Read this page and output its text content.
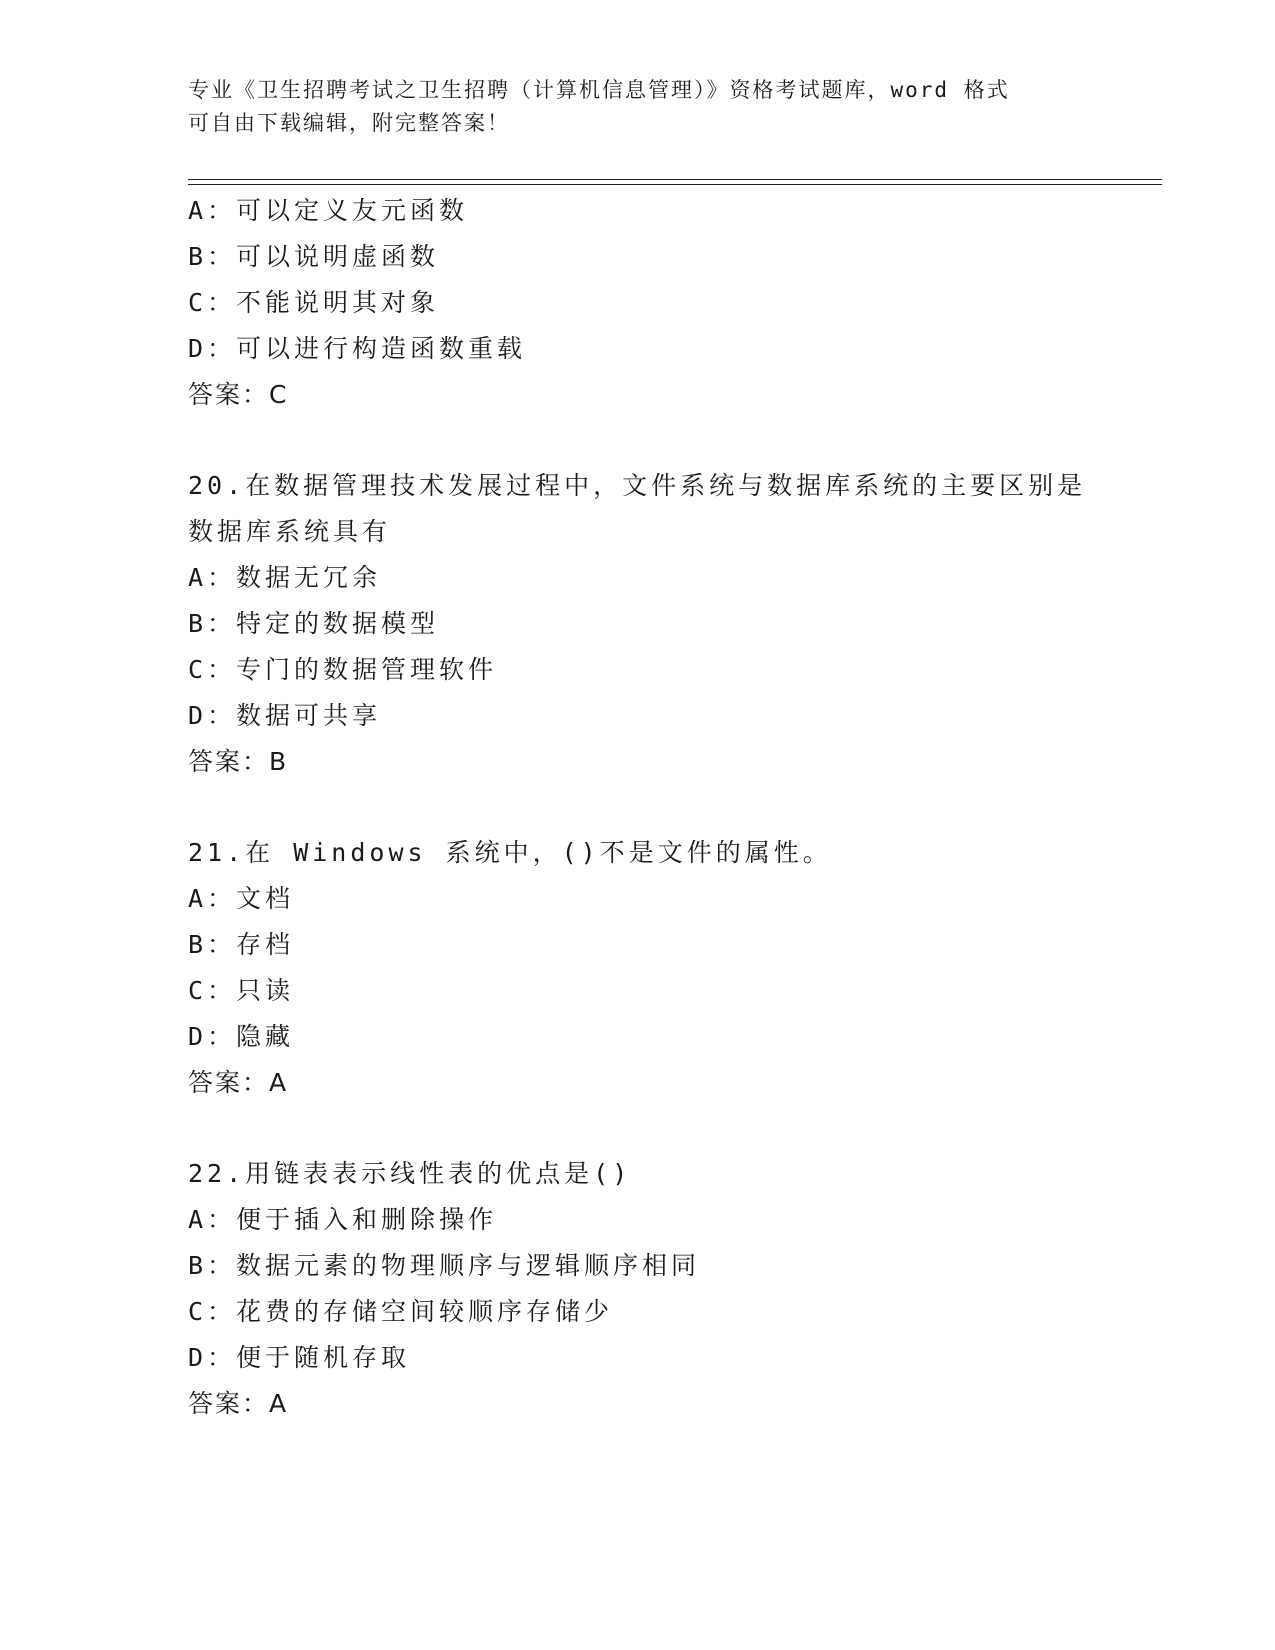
专业《卫生招聘考试之卫生招聘（计算机信息管理）》资格考试题库，word 格式
可自由下载编辑，附完整答案！
A：可以定义友元函数
B：可以说明虚函数
C：不能说明其对象
D：可以进行构造函数重载
答案：C
20.在数据管理技术发展过程中，文件系统与数据库系统的主要区别是
数据库系统具有
A：数据无冗余
B：特定的数据模型
C：专门的数据管理软件
D：数据可共享
答案：B
21.在 Windows 系统中，()不是文件的属性。
A：文档
B：存档
C：只读
D：隐藏
答案：A
22.用链表表示线性表的优点是()
A：便于插入和删除操作
B：数据元素的物理顺序与逻辑顺序相同
C：花费的存储空间较顺序存储少
D：便于随机存取
答案：A
